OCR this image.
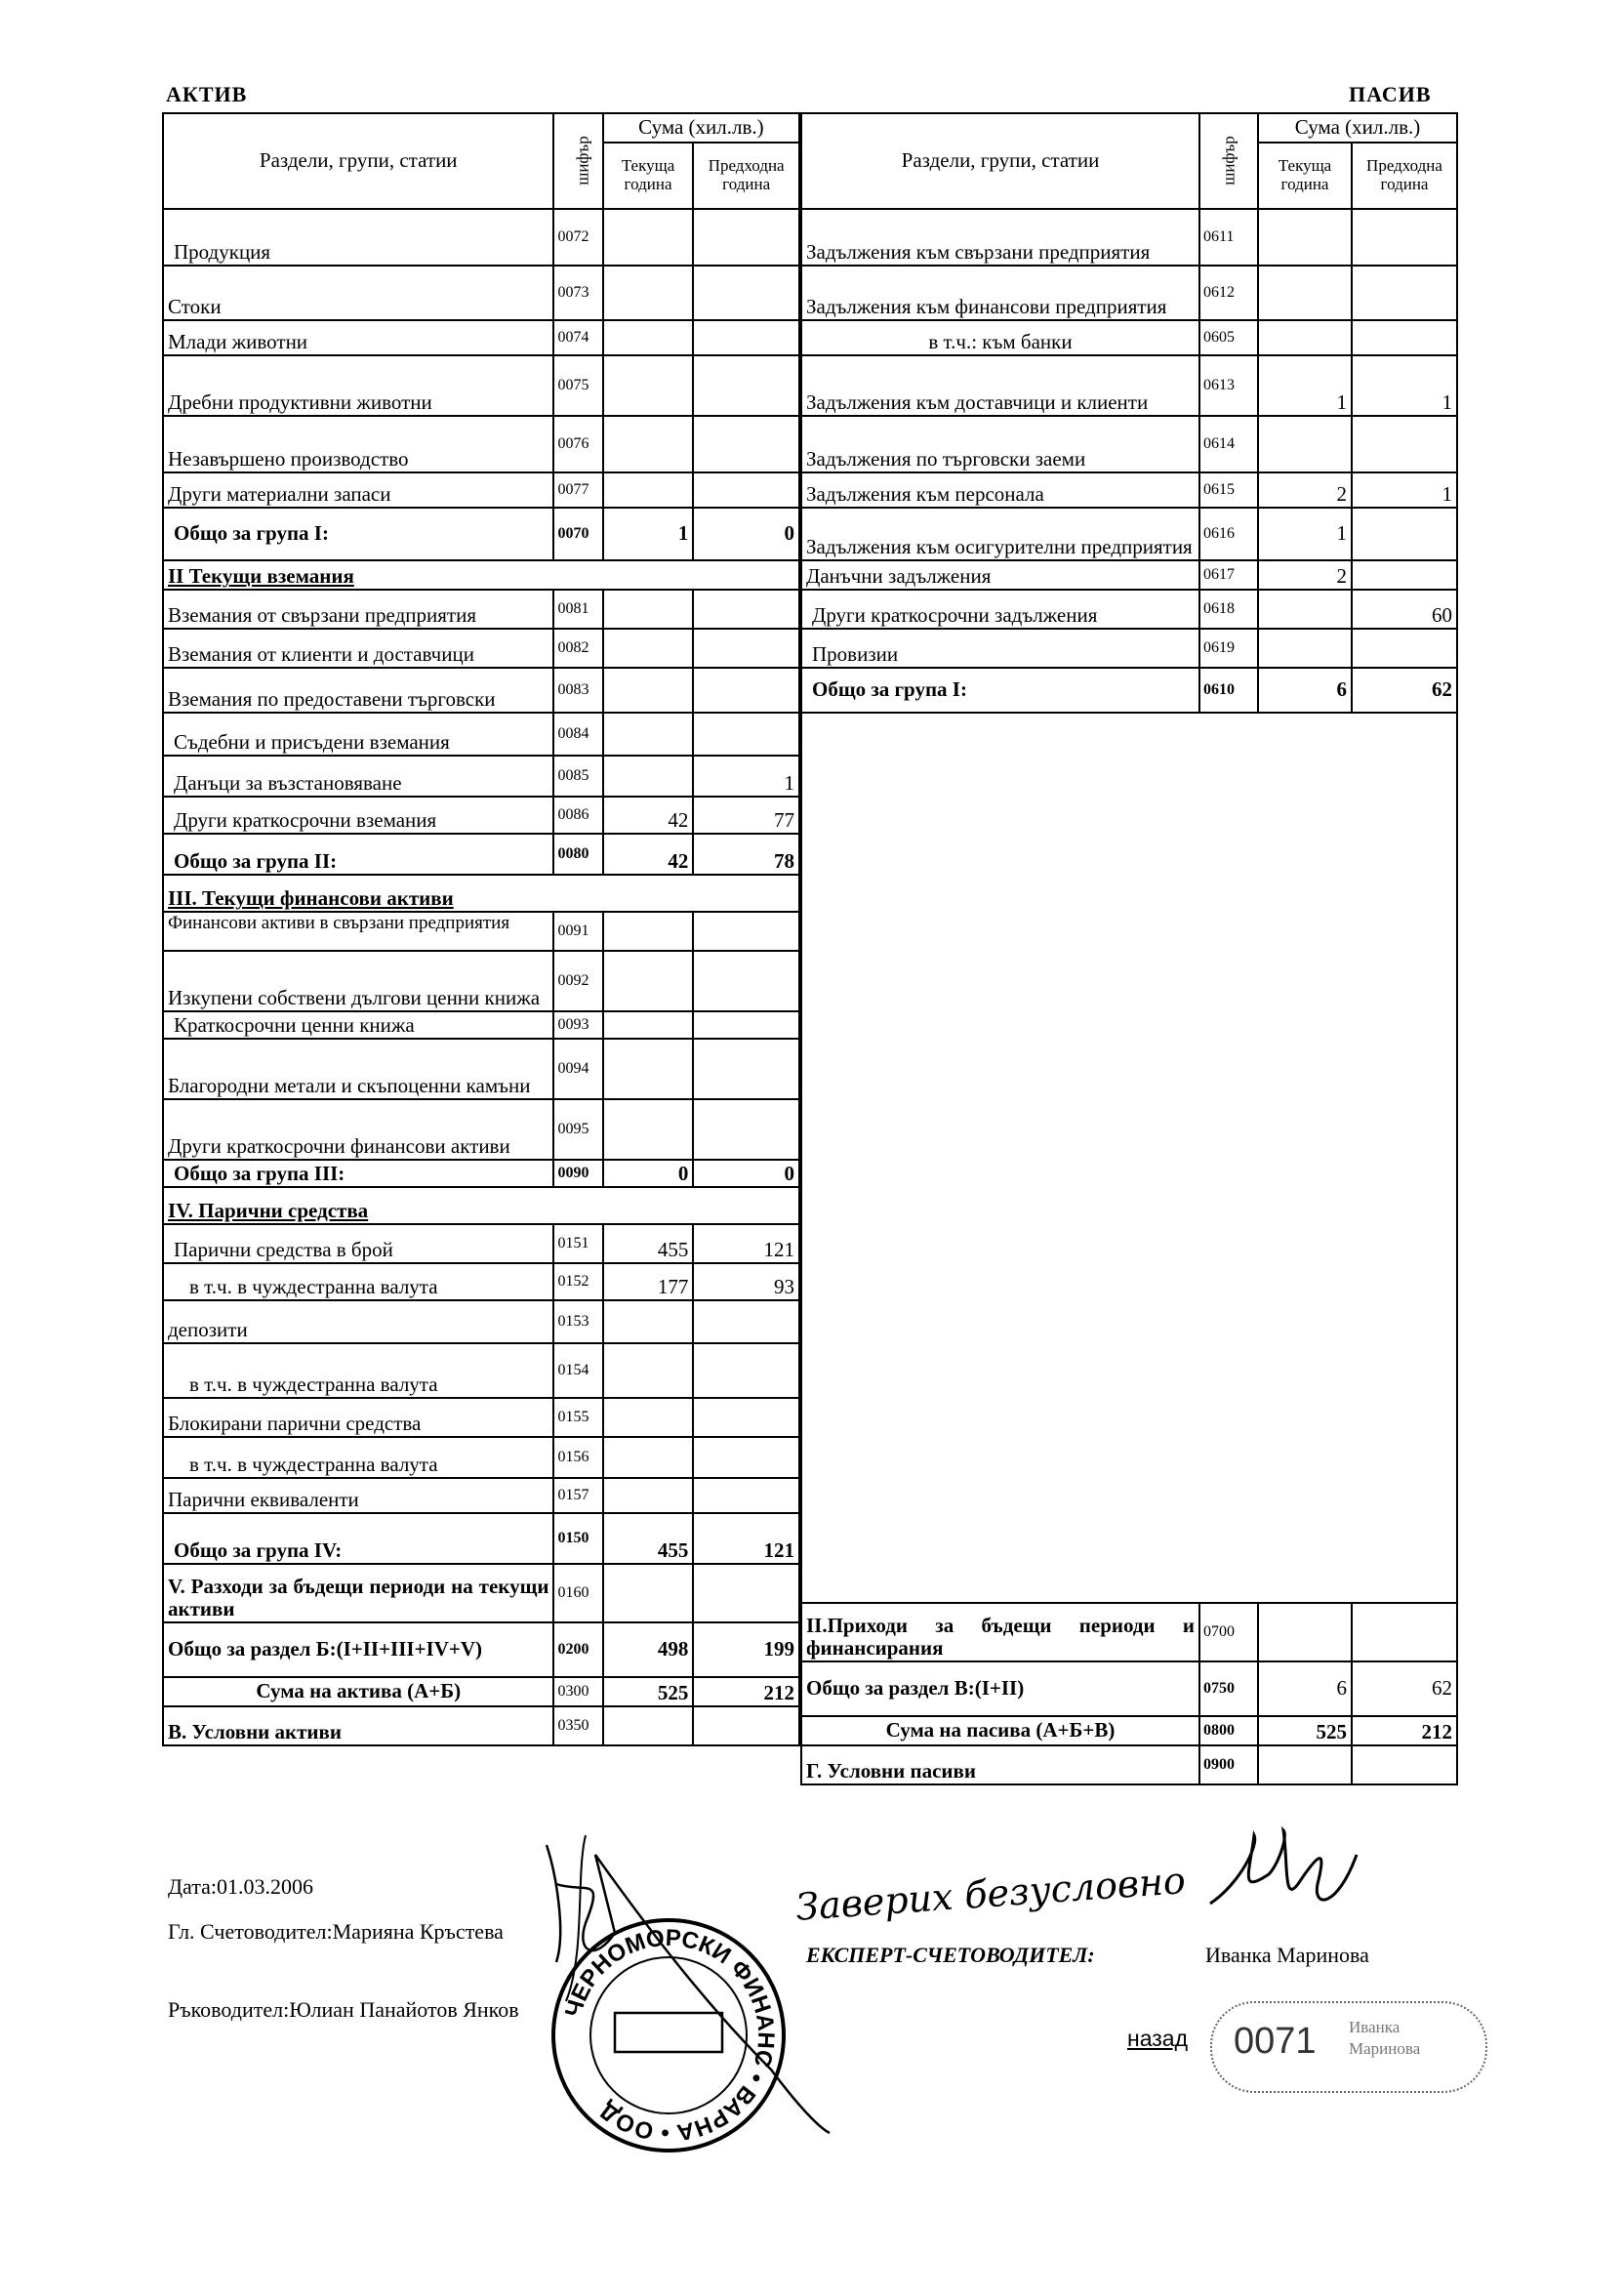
АКТИВ	ПАСИВ
Раздели, групи, статии	шифър	Сума (хил.лв.)	
		Текуща година	Предходна година
Продукция	0072		
Стоки	0073		
Млади животни	0074		
Дребни продуктивни животни	0075		
Незавършено производство	0076		
Други материални запаси	0077		
Общо за група I:	0070	1	0
II Текущи вземания			
Вземания от свързани предприятия	0081		
Вземания от клиенти и доставчици	0082		
Вземания по предоставени търговски	0083		
Съдебни и присъдени вземания	0084		
Данъци за възстановяване	0085		1
Други краткосрочни вземания	0086	42	77
Общо за група II:	0080	42	78
III. Текущи финансови активи			
Финансови активи в свързани предприятия	0091		
Изкупени собствени дългови ценни книжа	0092		
Краткосрочни ценни книжа	0093		
Благородни метали и скъпоценни камъни	0094		
Други краткосрочни финансови активи	0095		
Общо за група III:	0090	0	0
IV. Парични средства			
Парични средства в брой	0151	455	121
в т.ч. в чуждестранна валута	0152	177	93
депозити	0153		
в т.ч. в чуждестранна валута	0154		
Блокирани парични средства	0155		
в т.ч. в чуждестранна валута	0156		
Парични еквиваленти	0157		
Общо за група IV:	0150	455	121
V. Разходи за бъдещи периоди на текущи активи	0160		
Общо за раздел Б:(I+II+III+IV+V)	0200	498	199
Сума на актива (А+Б)	0300	525	212
В. Условни активи	0350		
Раздели, групи, статии	шифър	Сума (хил.лв.)	
		Текуща година	Предходна година
Задължения към свързани предприятия	0611		
Задължения към финансови предприятия	0612		
в т.ч.: към банки	0605		
Задължения към доставчици и клиенти	0613	1	1
Задължения по търговски заеми	0614		
Задължения към персонала	0615	2	1
Задължения към осигурителни предприятия	0616	1	
Данъчни задължения	0617	2	
Други краткосрочни задължения	0618		60
Провизии	0619		
Общо за група I:	0610	6	62

II.Приходи за бъдещи периоди и финансирания	0700		
Общо за раздел В:(I+II)	0750	6	62
Сума на пасива (А+Б+В)	0800	525	212
Г. Условни пасиви	0900		
Дата:01.03.2006
Гл. Счетоводител:Марияна Кръстева
Ръководител:Юлиан Панайотов Янков
Заверих безусловно
ЕКСПЕРТ-СЧЕТОВОДИТЕЛ:	Иванка Маринова
ЧЕРНОМОРСКИ ФИНАНС • ВАРНА • ООД
назад 0071 Иванка Маринова
